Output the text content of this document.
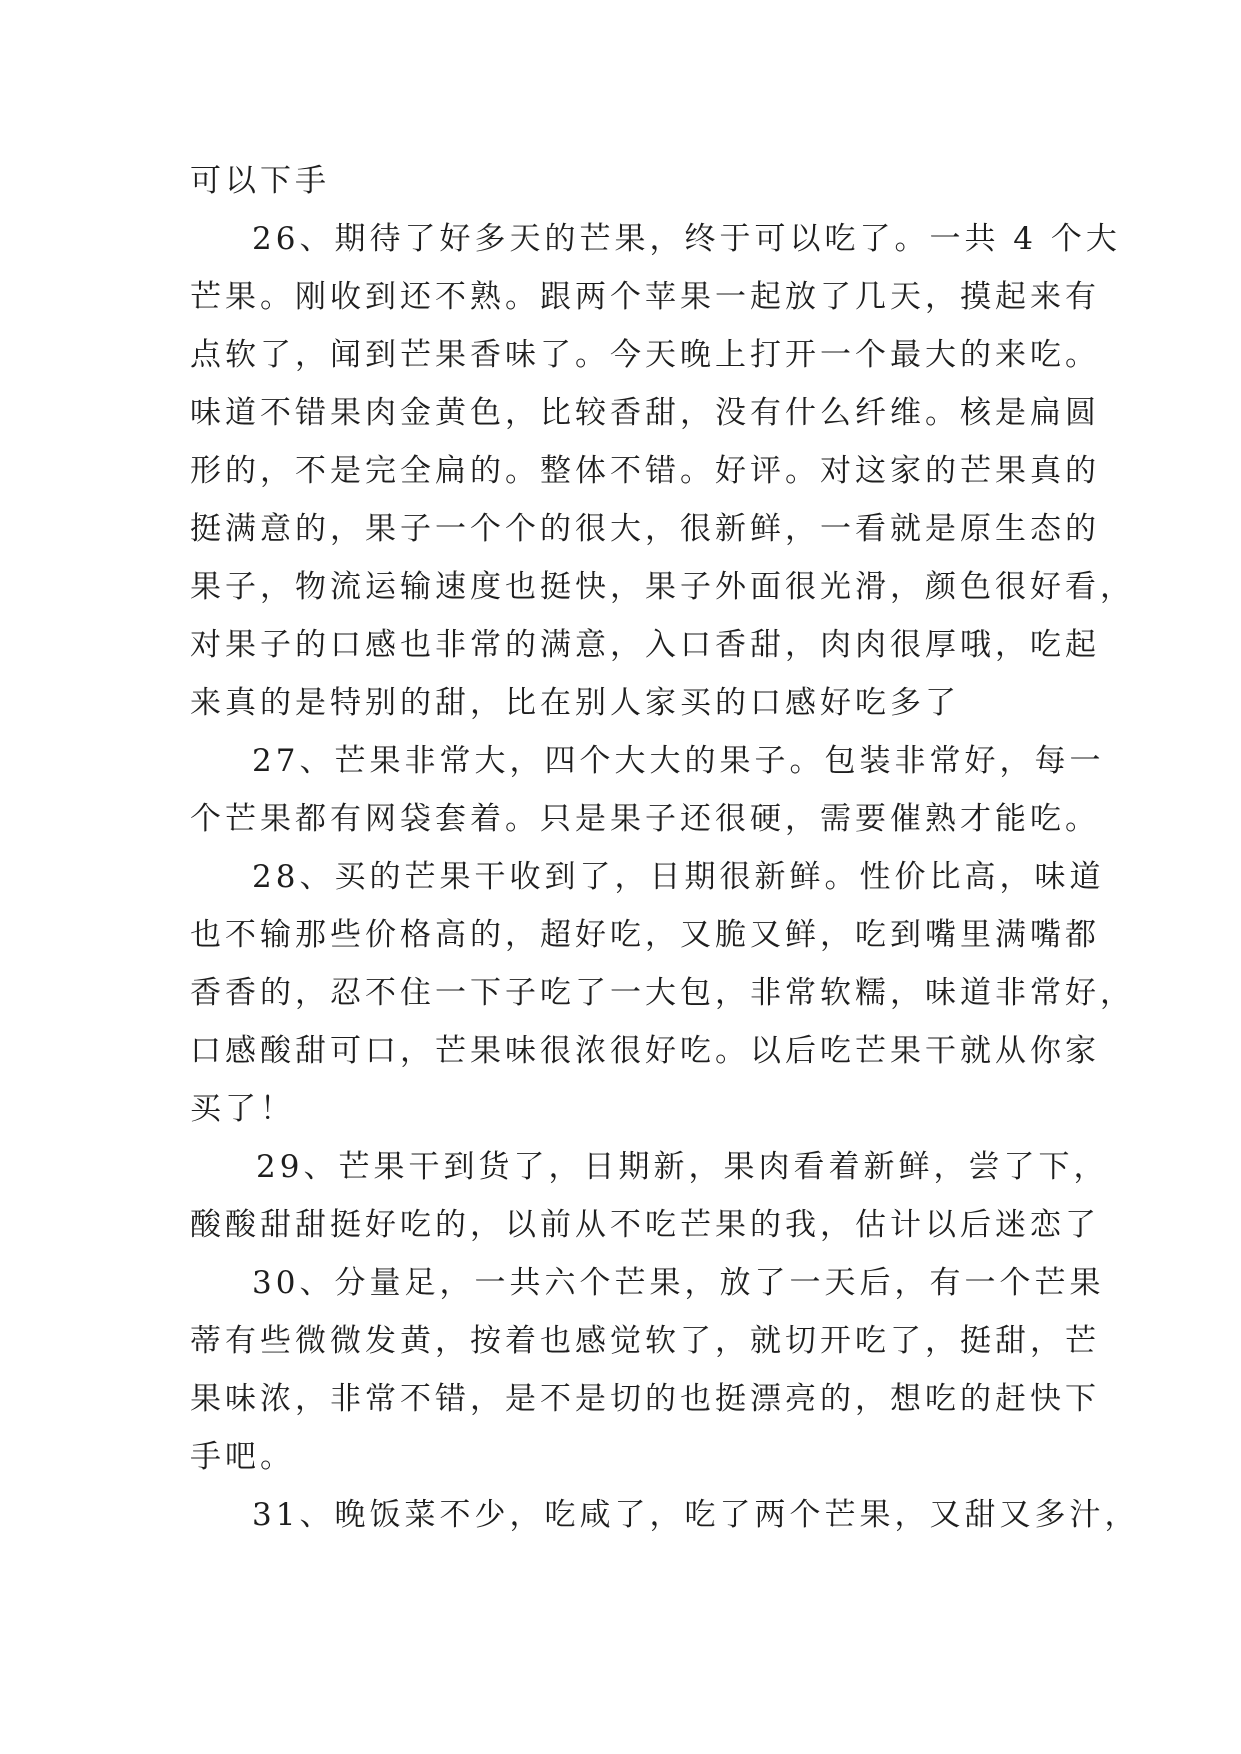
可以下手
26、期待了好多天的芒果，终于可以吃了。一共 4 个大
芒果。刚收到还不熟。跟两个苹果一起放了几天，摸起来有
点软了，闻到芒果香味了。今天晚上打开一个最大的来吃。
味道不错果肉金黄色，比较香甜，没有什么纤维。核是扁圆
形的，不是完全扁的。整体不错。好评。对这家的芒果真的
挺满意的，果子一个个的很大，很新鲜，一看就是原生态的
果子，物流运输速度也挺快，果子外面很光滑，颜色很好看，
对果子的口感也非常的满意，入口香甜，肉肉很厚哦，吃起
来真的是特别的甜，比在别人家买的口感好吃多了
27、芒果非常大，四个大大的果子。包装非常好，每一
个芒果都有网袋套着。只是果子还很硬，需要催熟才能吃。
28、买的芒果干收到了，日期很新鲜。性价比高，味道
也不输那些价格高的，超好吃，又脆又鲜，吃到嘴里满嘴都
香香的，忍不住一下子吃了一大包，非常软糯，味道非常好，
口感酸甜可口，芒果味很浓很好吃。以后吃芒果干就从你家
买了！
29、芒果干到货了，日期新，果肉看着新鲜，尝了下，
酸酸甜甜挺好吃的，以前从不吃芒果的我，估计以后迷恋了
30、分量足，一共六个芒果，放了一天后，有一个芒果
蒂有些微微发黄，按着也感觉软了，就切开吃了，挺甜，芒
果味浓，非常不错，是不是切的也挺漂亮的，想吃的赶快下
手吧。
31、晚饭菜不少，吃咸了，吃了两个芒果，又甜又多汁，
